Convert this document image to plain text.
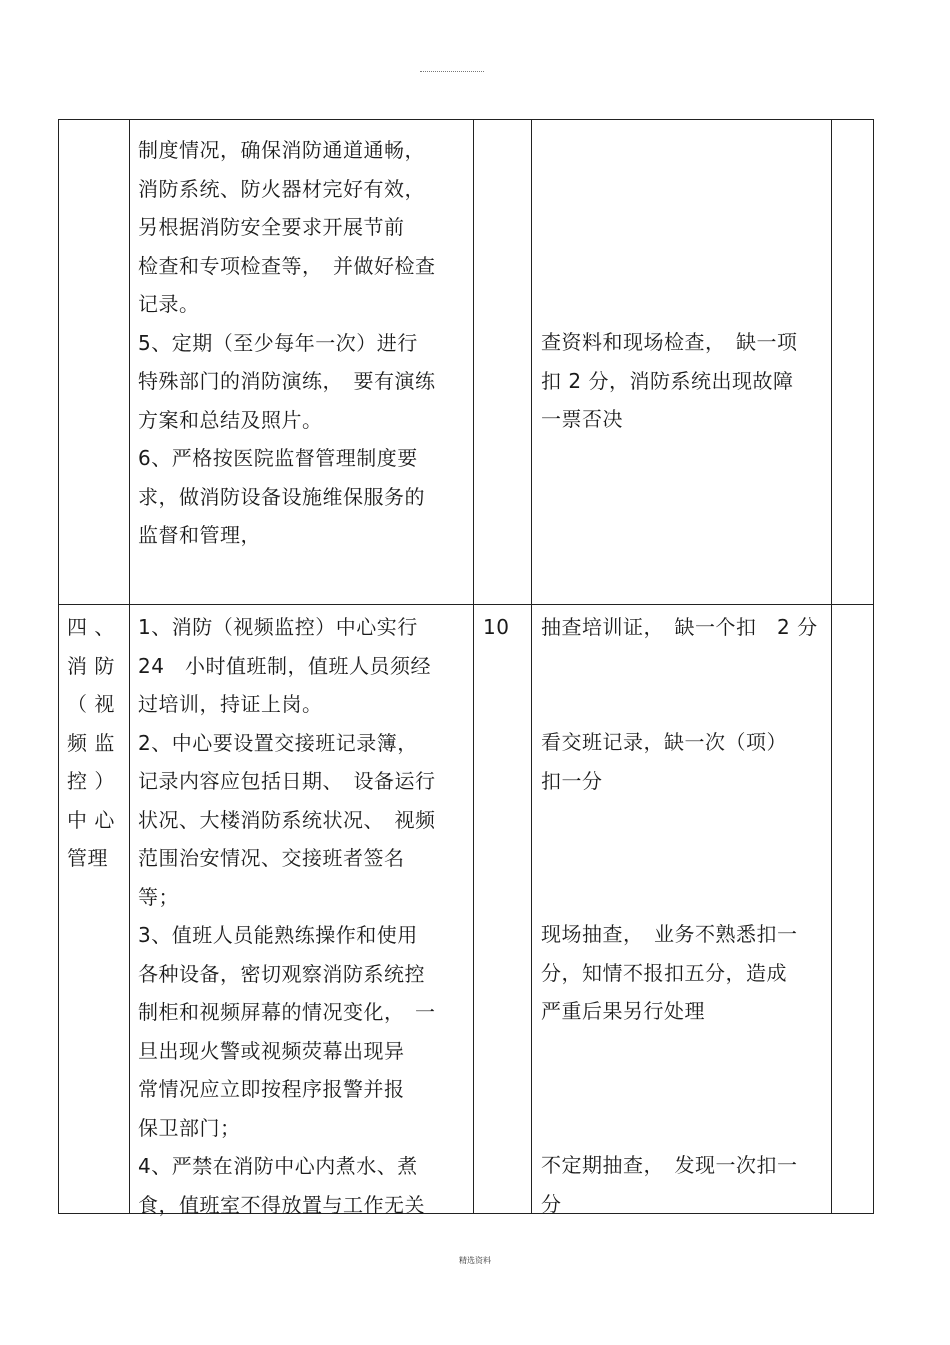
制度情况，确保消防通道通畅，
消防系统、防火器材完好有效，
另根据消防安全要求开展节前
检查和专项检查等，　并做好检查
记录。
5、定期（至少每年一次）进行
特殊部门的消防演练，　要有演练
方案和总结及照片。
6、严格按医院监督管理制度要
求，做消防设备设施维保服务的
监督和管理，
查资料和现场检查，　缺一项
扣 2 分，消防系统出现故障
一票否决
四 、
消 防
（ 视
频 监
控 ）
中 心
管理
1、消防（视频监控）中心实行
24　小时值班制，值班人员须经
过培训，持证上岗。
2、中心要设置交接班记录簿，
记录内容应包括日期、　设备运行
状况、大楼消防系统状况、　视频
范围治安情况、交接班者签名
等；
3、值班人员能熟练操作和使用
各种设备，密切观察消防系统控
制柜和视频屏幕的情况变化，　一
旦出现火警或视频荧幕出现异
常情况应立即按程序报警并报
保卫部门；
4、严禁在消防中心内煮水、煮
食，值班室不得放置与工作无关
10 抽查培训证，　缺一个扣　2 分
看交班记录，缺一次（项）
扣一分
现场抽查，　业务不熟悉扣一
分，知情不报扣五分，造成
严重后果另行处理
不定期抽查，　发现一次扣一
分
精选资料
